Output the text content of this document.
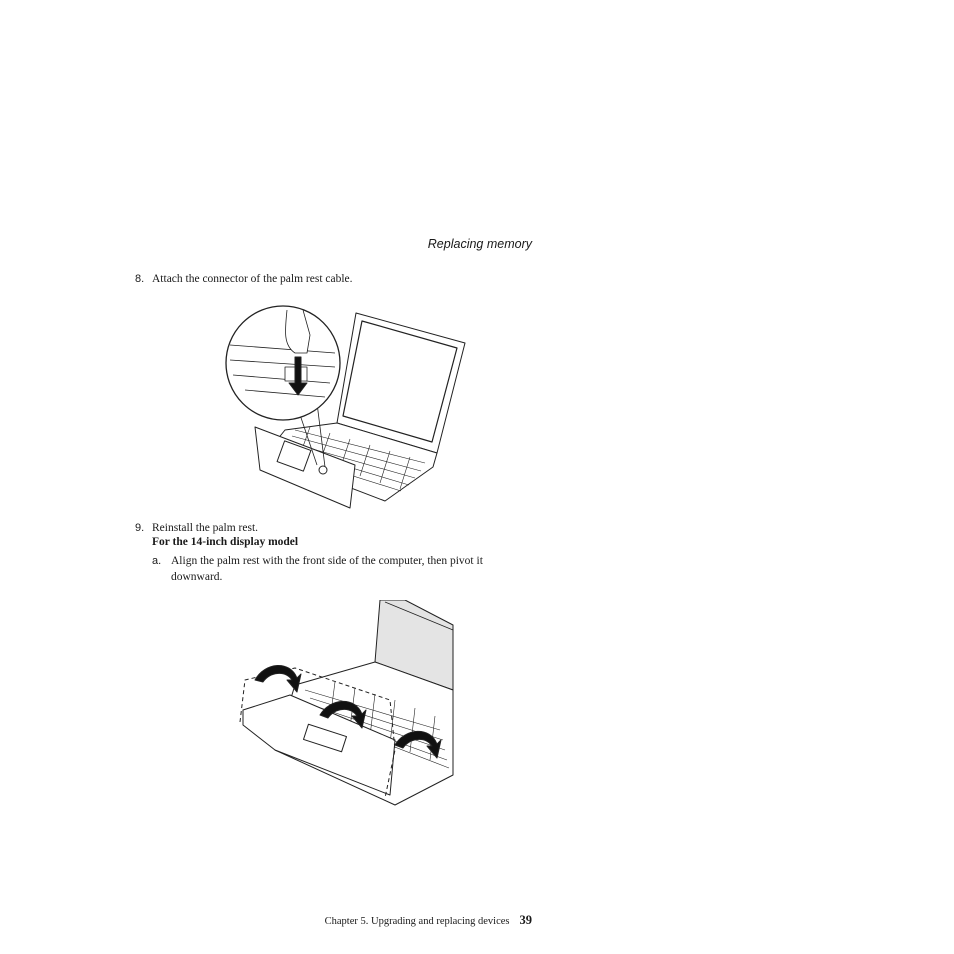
Replacing memory
8. Attach the connector of the palm rest cable.
9. Reinstall the palm rest.
For the 14-inch display model
a. Align the palm rest with the front side of the computer, then pivot it downward.
Chapter 5. Upgrading and replacing devices 39
